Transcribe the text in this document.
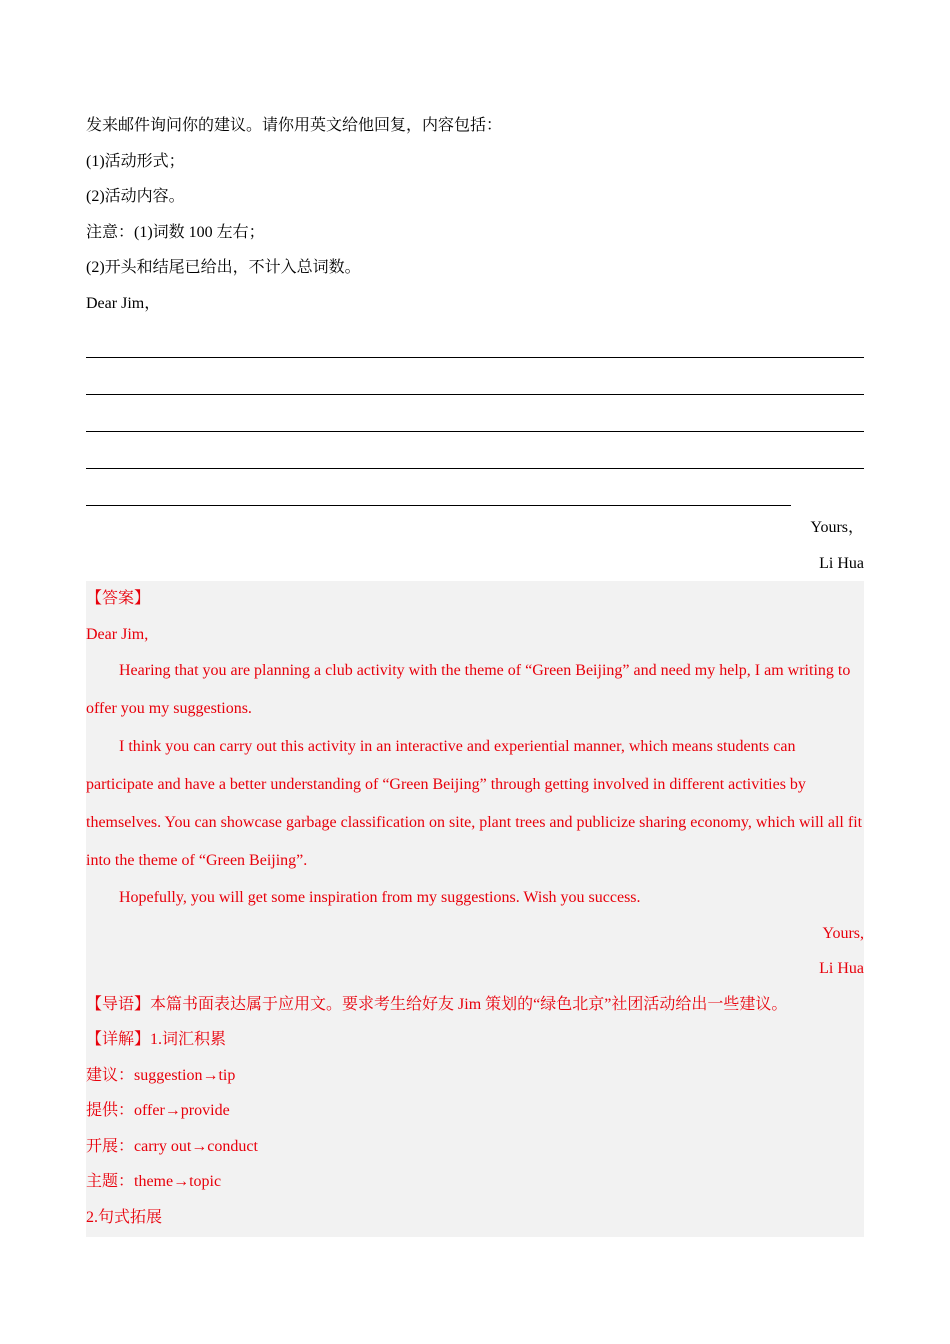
发来邮件询问你的建议。请你用英文给他回复，内容包括：
(1)活动形式；
(2)活动内容。
注意：(1)词数 100 左右；
(2)开头和结尾已给出，不计入总词数。
Dear Jim，
Yours，
Li Hua
【答案】
Dear Jim,
Hearing that you are planning a club activity with the theme of “Green Beijing” and need my help, I am writing to offer you my suggestions.
I think you can carry out this activity in an interactive and experiential manner, which means students can participate and have a better understanding of “Green Beijing” through getting involved in different activities by themselves. You can showcase garbage classification on site, plant trees and publicize sharing economy, which will all fit into the theme of “Green Beijing”.
Hopefully, you will get some inspiration from my suggestions. Wish you success.
Yours,
Li Hua
【导语】本篇书面表达属于应用文。要求考生给好友 Jim 策划的“绿色北京”社团活动给出一些建议。
【详解】1.词汇积累
建议：suggestion→tip
提供：offer→provide
开展：carry out→conduct
主题：theme→topic
2.句式拓展
